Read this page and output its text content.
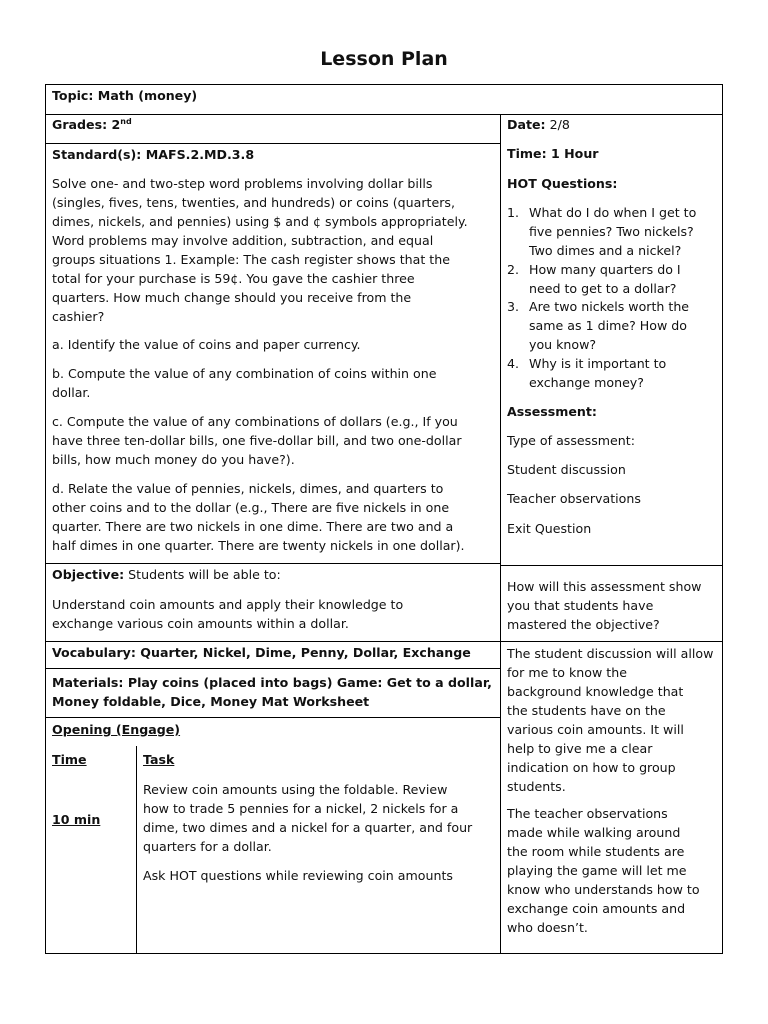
Lesson Plan
Topic: Math (money)
Grades: 2nd
Standard(s): MAFS.2.MD.3.8
Solve one- and two-step word problems involving dollar bills
(singles, fives, tens, twenties, and hundreds) or coins (quarters,
dimes, nickels, and pennies) using $ and ¢ symbols appropriately.
Word problems may involve addition, subtraction, and equal
groups situations 1. Example: The cash register shows that the
total for your purchase is 59¢. You gave the cashier three
quarters. How much change should you receive from the
cashier?
a. Identify the value of coins and paper currency.
b. Compute the value of any combination of coins within one
dollar.
c. Compute the value of any combinations of dollars (e.g., If you
have three ten-dollar bills, one five-dollar bill, and two one-dollar
bills, how much money do you have?).
d. Relate the value of pennies, nickels, dimes, and quarters to
other coins and to the dollar (e.g., There are five nickels in one
quarter. There are two nickels in one dime. There are two and a
half dimes in one quarter. There are twenty nickels in one dollar).
Objective: Students will be able to:
Understand coin amounts and apply their knowledge to
exchange various coin amounts within a dollar.
Vocabulary: Quarter, Nickel, Dime, Penny, Dollar, Exchange
Materials: Play coins (placed into bags) Game: Get to a dollar,
Money foldable, Dice, Money Mat Worksheet
Opening (Engage)
Time	Task
10 min
Review coin amounts using the foldable. Review
how to trade 5 pennies for a nickel, 2 nickels for a
dime, two dimes and a nickel for a quarter, and four
quarters for a dollar.
Ask HOT questions while reviewing coin amounts
Date: 2/8
Time: 1 Hour
HOT Questions:
1. What do I do when I get to
five pennies? Two nickels?
Two dimes and a nickel?
2. How many quarters do I
need to get to a dollar?
3. Are two nickels worth the
same as 1 dime? How do
you know?
4. Why is it important to
exchange money?
Assessment:
Type of assessment:
Student discussion
Teacher observations
Exit Question
How will this assessment show
you that students have
mastered the objective?
The student discussion will allow
for me to know the
background knowledge that
the students have on the
various coin amounts. It will
help to give me a clear
indication on how to group
students.
The teacher observations
made while walking around
the room while students are
playing the game will let me
know who understands how to
exchange coin amounts and
who doesn’t.
